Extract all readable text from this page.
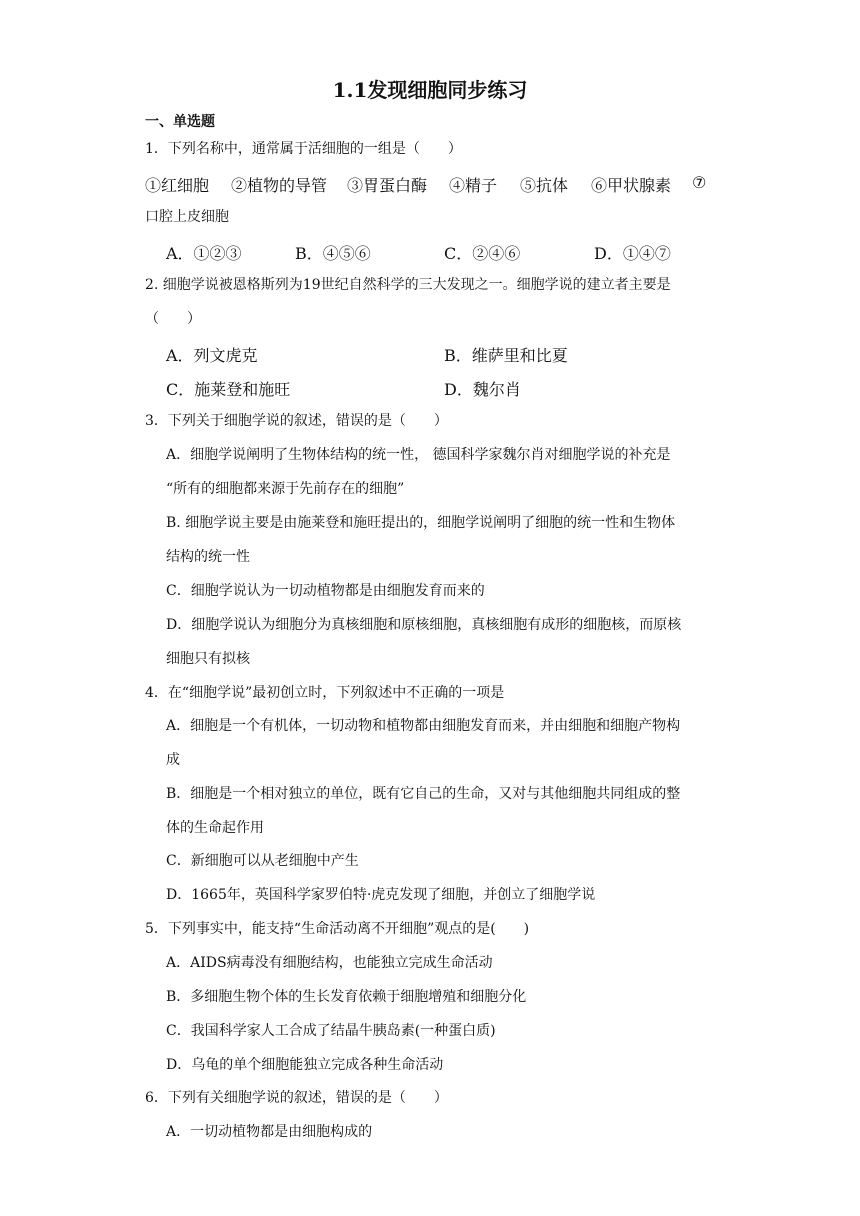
1.1发现细胞同步练习
一、单选题
1．下列名称中，通常属于活细胞的一组是（　　）
①红细胞 ②植物的导管 ③胃蛋白酶 ④精子 ⑤抗体 ⑥甲状腺素 ⑦
口腔上皮细胞
A．①②③	B．④⑤⑥	C．②④⑥	D．①④⑦
2. 细胞学说被恩格斯列为19世纪自然科学的三大发现之一。细胞学说的建立者主要是
（　　）
A．列文虎克	B．维萨里和比夏
C．施莱登和施旺	D．魏尔肖
3．下列关于细胞学说的叙述，错误的是（　　）
A．细胞学说阐明了生物体结构的统一性， 德国科学家魏尔肖对细胞学说的补充是
“所有的细胞都来源于先前存在的细胞”
B. 细胞学说主要是由施莱登和施旺提出的，细胞学说阐明了细胞的统一性和生物体
结构的统一性
C．细胞学说认为一切动植物都是由细胞发育而来的
D．细胞学说认为细胞分为真核细胞和原核细胞，真核细胞有成形的细胞核，而原核
细胞只有拟核
4．在“细胞学说”最初创立时，下列叙述中不正确的一项是
A．细胞是一个有机体，一切动物和植物都由细胞发育而来，并由细胞和细胞产物构
成
B．细胞是一个相对独立的单位，既有它自己的生命，又对与其他细胞共同组成的整
体的生命起作用
C．新细胞可以从老细胞中产生
D．1665年，英国科学家罗伯特·虎克发现了细胞，并创立了细胞学说
5．下列事实中，能支持“生命活动离不开细胞”观点的是(　　)
A．AIDS病毒没有细胞结构，也能独立完成生命活动
B．多细胞生物个体的生长发育依赖于细胞增殖和细胞分化
C．我国科学家人工合成了结晶牛胰岛素(一种蛋白质)
D．乌龟的单个细胞能独立完成各种生命活动
6．下列有关细胞学说的叙述，错误的是（　　）
A．一切动植物都是由细胞构成的
